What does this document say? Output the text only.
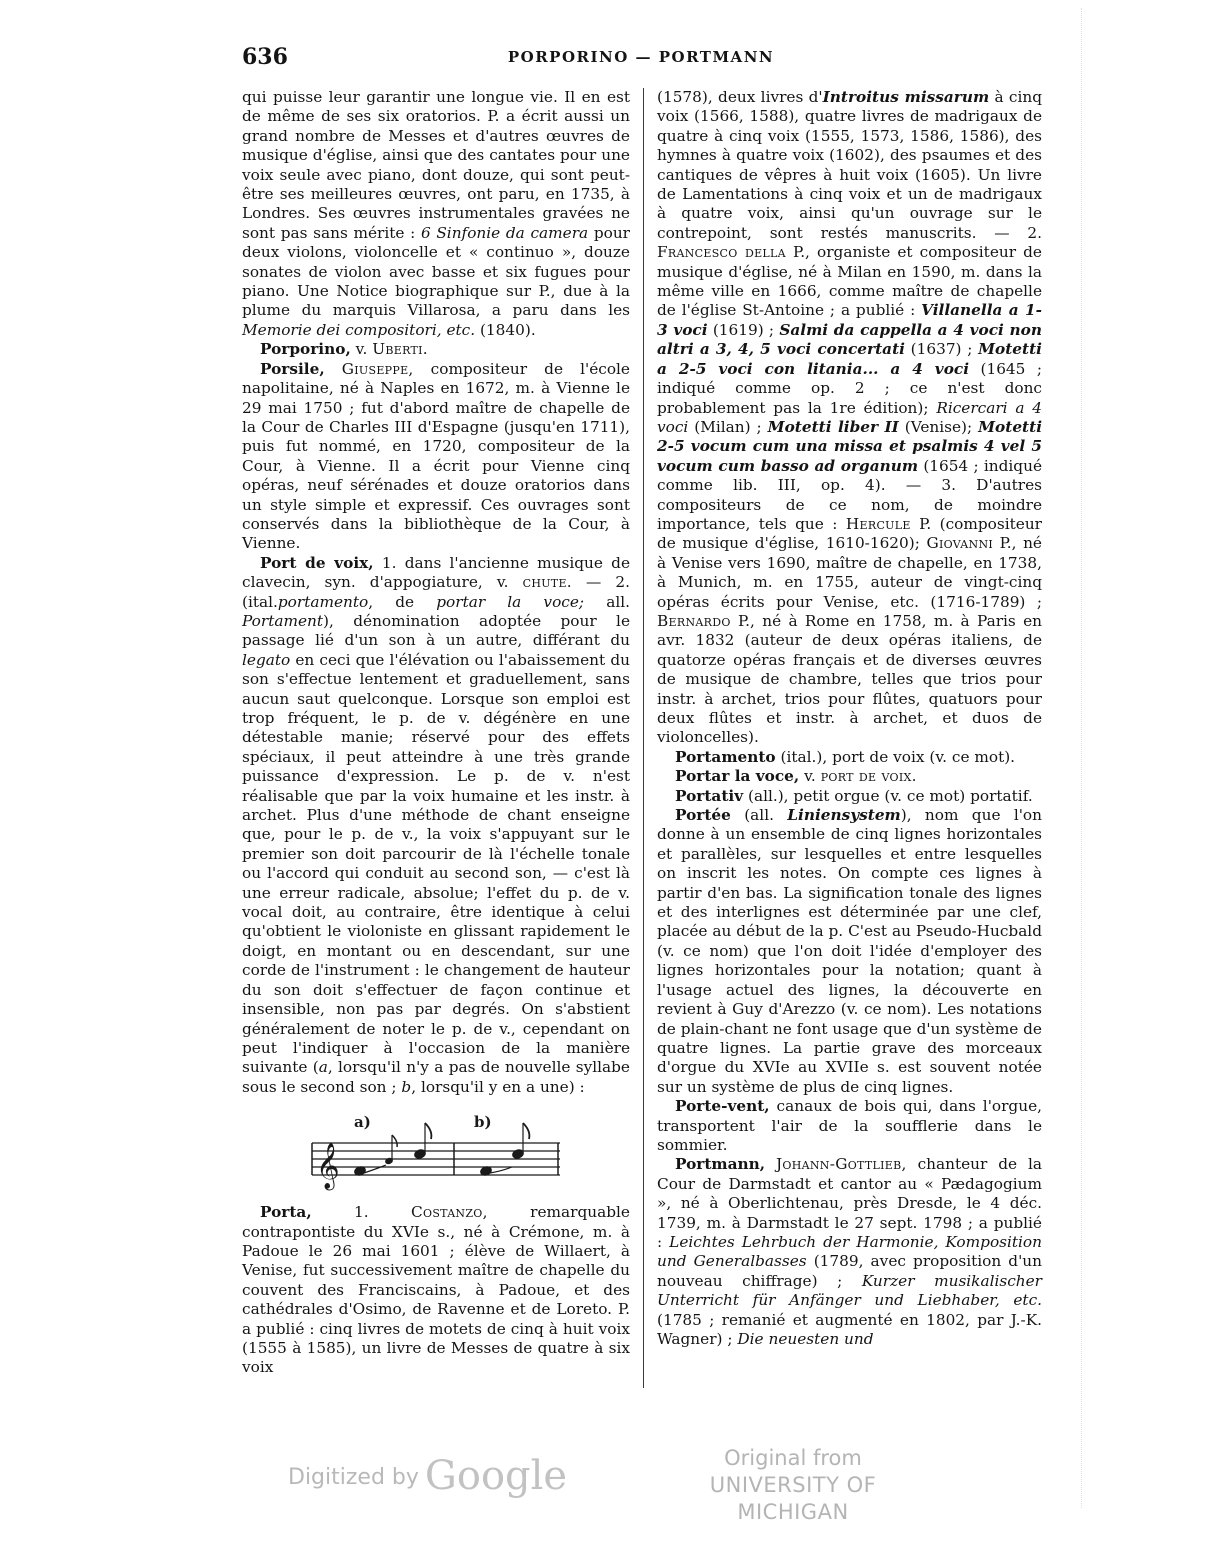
636	PORPORINO — PORTMANN

qui puisse leur garantir une longue vie. Il en est de même de ses six oratorios. P. a écrit aussi un grand nombre de Messes et d'autres œuvres de musique d'église, ainsi que des cantates pour une voix seule avec piano, dont douze, qui sont peut-être ses meilleures œuvres, ont paru, en 1735, à Londres. Ses œuvres instrumentales gravées ne sont pas sans mérite : 6 Sinfonie da camera pour deux violons, violoncelle et « continuo », douze sonates de violon avec basse et six fugues pour piano. Une Notice biographique sur P., due à la plume du marquis Villarosa, a paru dans les Memorie dei compositori, etc. (1840).

Porporino, v. Uberti.

Porsile, Giuseppe, compositeur de l'école napolitaine, né à Naples en 1672, m. à Vienne le 29 mai 1750 ; fut d'abord maître de chapelle de la Cour de Charles III d'Espagne (jusqu'en 1711), puis fut nommé, en 1720, compositeur de la Cour, à Vienne. Il a écrit pour Vienne cinq opéras, neuf sérénades et douze oratorios dans un style simple et expressif. Ces ouvrages sont conservés dans la bibliothèque de la Cour, à Vienne.

Port de voix, 1. dans l'ancienne musique de clavecin, syn. d'appogiature, v. chute. — 2. (ital.portamento, de portar la voce; all. Portament), dénomination adoptée pour le passage lié d'un son à un autre, différant du legato en ceci que l'élévation ou l'abaissement du son s'effectue lentement et graduellement, sans aucun saut quelconque. Lorsque son emploi est trop fréquent, le p. de v. dégénère en une détestable manie; réservé pour des effets spéciaux, il peut atteindre à une très grande puissance d'expression. Le p. de v. n'est réalisable que par la voix humaine et les instr. à archet. Plus d'une méthode de chant enseigne que, pour le p. de v., la voix s'appuyant sur le premier son doit parcourir de là l'échelle tonale ou l'accord qui conduit au second son, — c'est là une erreur radicale, absolue; l'effet du p. de v. vocal doit, au contraire, être identique à celui qu'obtient le violoniste en glissant rapidement le doigt, en montant ou en descendant, sur une corde de l'instrument : le changement de hauteur du son doit s'effectuer de façon continue et insensible, non pas par degrés. On s'abstient généralement de noter le p. de v., cependant on peut l'indiquer à l'occasion de la manière suivante (a, lorsqu'il n'y a pas de nouvelle syllabe sous le second son ; b, lorsqu'il y en a une) :

𝄞
a)	b)

Porta,	1.	Costanzo,	remarquable contrapontiste du XVIe s., né à Crémone, m. à Padoue le 26 mai 1601 ; élève de Willaert, à Venise, fut successivement maître de chapelle du couvent des Franciscains, à Padoue, et des cathédrales d'Osimo, de Ravenne et de Loreto. P. a publié : cinq livres de motets de cinq à huit voix (1555 à 1585), un livre de Messes de quatre à six voix

(1578), deux livres d'Introitus missarum à cinq voix (1566, 1588), quatre livres de madrigaux de quatre à cinq voix (1555, 1573, 1586, 1586), des hymnes à quatre voix (1602), des psaumes et des cantiques de vêpres à huit voix (1605). Un livre de Lamentations à cinq voix et un de madrigaux à quatre voix, ainsi qu'un ouvrage sur le contrepoint, sont restés manuscrits. — 2. Francesco della P., organiste et compositeur de musique d'église, né à Milan en 1590, m. dans la même ville en 1666, comme maître de chapelle de l'église St-Antoine ; a publié : Villanella a 1-3 voci (1619) ; Salmi da cappella a 4 voci non altri a 3, 4, 5 voci concertati (1637) ; Motetti a 2-5 voci con litania... a 4 voci (1645 ; indiqué comme op. 2 ; ce n'est donc probablement pas la 1re édition); Ricercari a 4 voci (Milan) ; Motetti liber II (Venise); Motetti 2-5 vocum cum una missa et psalmis 4 vel 5 vocum cum basso ad organum (1654 ; indiqué comme lib. III, op. 4). — 3. D'autres compositeurs de ce nom, de moindre importance, tels que : Hercule P. (compositeur de musique d'église, 1610-1620); Giovanni P., né à Venise vers 1690, maître de chapelle, en 1738, à Munich, m. en 1755, auteur de vingt-cinq opéras écrits pour Venise, etc. (1716-1789) ; Bernardo P., né à Rome en 1758, m. à Paris en avr. 1832 (auteur de deux opéras italiens, de quatorze opéras français et de diverses œuvres de musique de chambre, telles que trios pour instr. à archet, trios pour flûtes, quatuors pour deux flûtes et instr. à archet, et duos de violoncelles).

Portamento (ital.), port de voix (v. ce mot).

Portar la voce, v. port de voix.

Portativ (all.), petit orgue (v. ce mot) portatif.

Portée (all. Liniensystem), nom que l'on donne à un ensemble de cinq lignes horizontales et parallèles, sur lesquelles et entre lesquelles on inscrit les notes. On compte ces lignes à partir d'en bas. La signification tonale des lignes et des interlignes est déterminée par une clef, placée au début de la p. C'est au Pseudo-Hucbald (v. ce nom) que l'on doit l'idée d'employer des lignes horizontales pour la notation; quant à l'usage actuel des lignes, la découverte en revient à Guy d'Arezzo (v. ce nom). Les notations de plain-chant ne font usage que d'un système de quatre lignes. La partie grave des morceaux d'orgue du XVIe au XVIIe s. est souvent notée sur un système de plus de cinq lignes.

Porte-vent, canaux de bois qui, dans l'orgue, transportent l'air de la soufflerie dans le sommier.

Portmann, Johann-Gottlieb, chanteur de la Cour de Darmstadt et cantor au « Pædagogium », né à Oberlichtenau, près Dresde, le 4 déc. 1739, m. à Darmstadt le 27 sept. 1798 ; a publié : Leichtes Lehrbuch der Harmonie, Komposition und Generalbasses (1789, avec proposition d'un nouveau chiffrage) ; Kurzer musikalischer Unterricht für Anfänger und Liebhaber, etc. (1785 ; remanié et augmenté en 1802, par J.-K. Wagner) ; Die neuesten und

Digitized by Google	Original from
UNIVERSITY OF MICHIGAN
